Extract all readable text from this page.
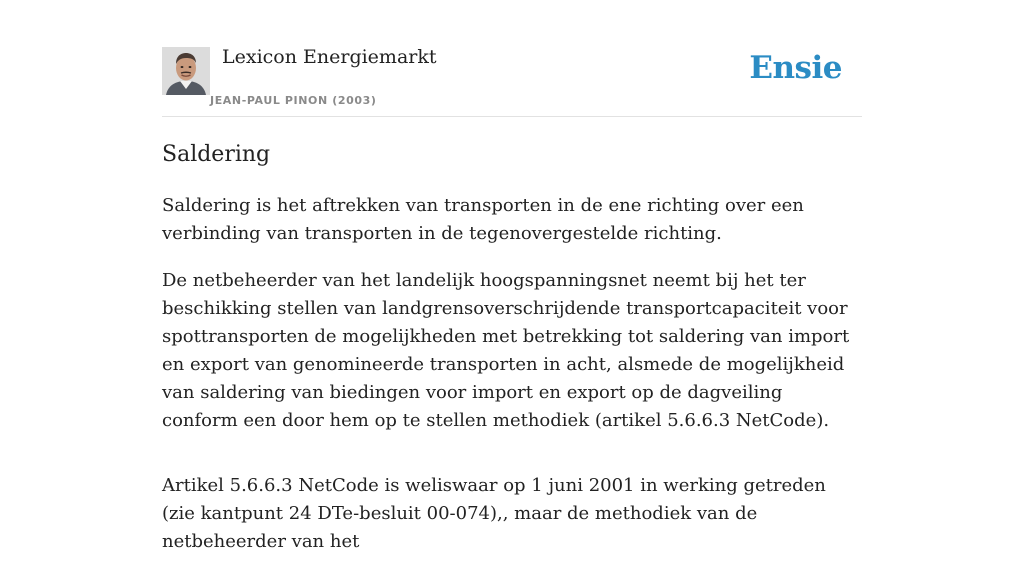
Lexicon Energiemarkt
JEAN-PAUL PINON (2003)
Ensie
Saldering

Saldering is het aftrekken van transporten in de ene richting over een verbinding van transporten in de tegenovergestelde richting.

De netbeheerder van het landelijk hoogspanningsnet neemt bij het ter beschikking stellen van landgrensoverschrijdende transportcapaciteit voor spottransporten de mogelijkheden met betrekking tot saldering van import en export van genomineerde transporten in acht, alsmede de mogelijkheid van saldering van biedingen voor import en export op de dagveiling conform een door hem op te stellen methodiek (artikel 5.6.6.3 NetCode).

Artikel 5.6.6.3 NetCode is weliswaar op 1 juni 2001 in werking getreden (zie kantpunt 24 DTe-besluit 00-074),, maar de methodiek van de netbeheerder van het
